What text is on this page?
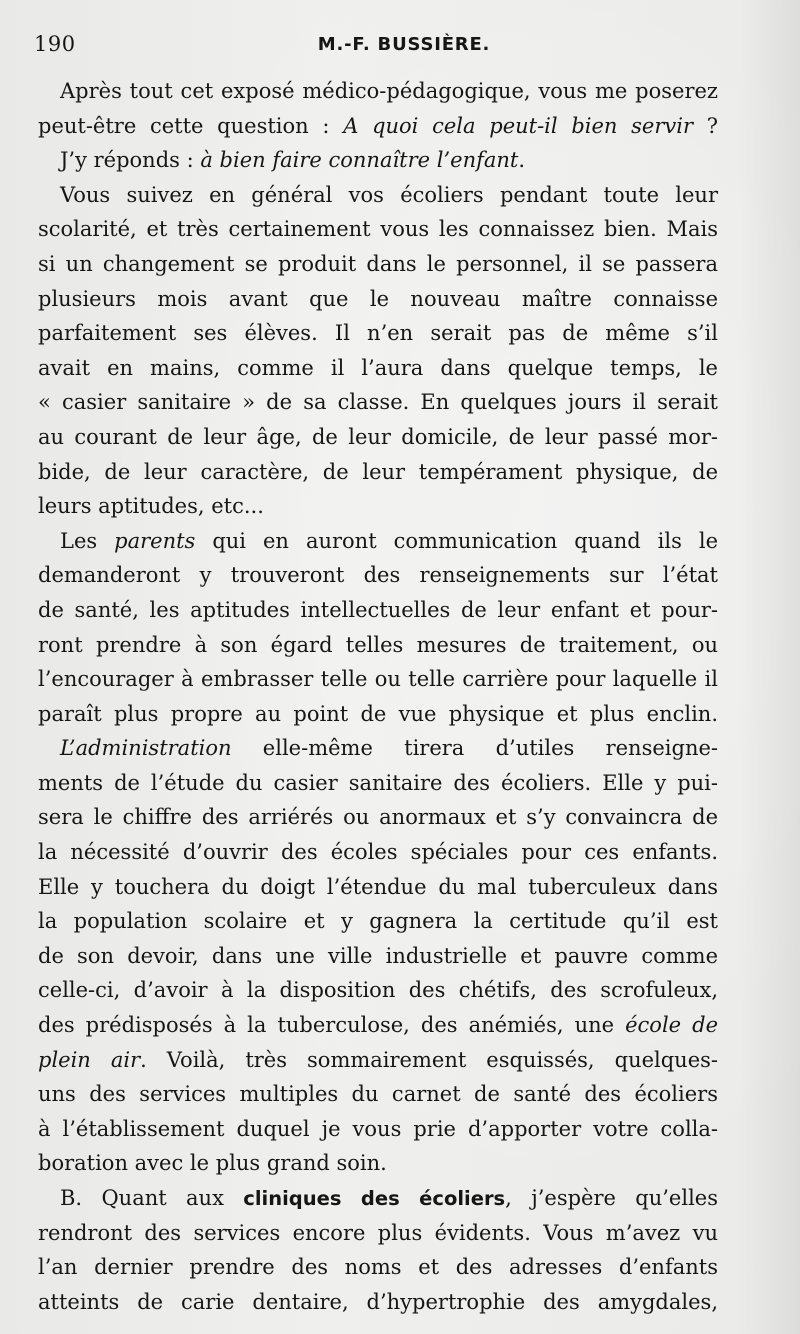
190	M.-F. BUSSIÈRE.
Après tout cet exposé médico-pédagogique, vous me poserez
peut-être cette question : A quoi cela peut-il bien servir ?
J’y réponds : à bien faire connaître l’enfant.
Vous suivez en général vos écoliers pendant toute leur
scolarité, et très certainement vous les connaissez bien. Mais
si un changement se produit dans le personnel, il se passera
plusieurs mois avant que le nouveau maître connaisse
parfaitement ses élèves. Il n’en serait pas de même s’il
avait en mains, comme il l’aura dans quelque temps, le
« casier sanitaire » de sa classe. En quelques jours il serait
au courant de leur âge, de leur domicile, de leur passé mor-
bide, de leur caractère, de leur tempérament physique, de
leurs aptitudes, etc...
Les parents qui en auront communication quand ils le
demanderont y trouveront des renseignements sur l’état
de santé, les aptitudes intellectuelles de leur enfant et pour-
ront prendre à son égard telles mesures de traitement, ou
l’encourager à embrasser telle ou telle carrière pour laquelle il
paraît plus propre au point de vue physique et plus enclin.
L’administration elle-même tirera d’utiles renseigne-
ments de l’étude du casier sanitaire des écoliers. Elle y pui-
sera le chiffre des arriérés ou anormaux et s’y convaincra de
la nécessité d’ouvrir des écoles spéciales pour ces enfants.
Elle y touchera du doigt l’étendue du mal tuberculeux dans
la population scolaire et y gagnera la certitude qu’il est
de son devoir, dans une ville industrielle et pauvre comme
celle-ci, d’avoir à la disposition des chétifs, des scrofuleux,
des prédisposés à la tuberculose, des anémiés, une école de
plein air. Voilà, très sommairement esquissés, quelques-
uns des services multiples du carnet de santé des écoliers
à l’établissement duquel je vous prie d’apporter votre colla-
boration avec le plus grand soin.
B. Quant aux cliniques des écoliers, j’espère qu’elles
rendront des services encore plus évidents. Vous m’avez vu
l’an dernier prendre des noms et des adresses d’enfants
atteints de carie dentaire, d’hypertrophie des amygdales,
